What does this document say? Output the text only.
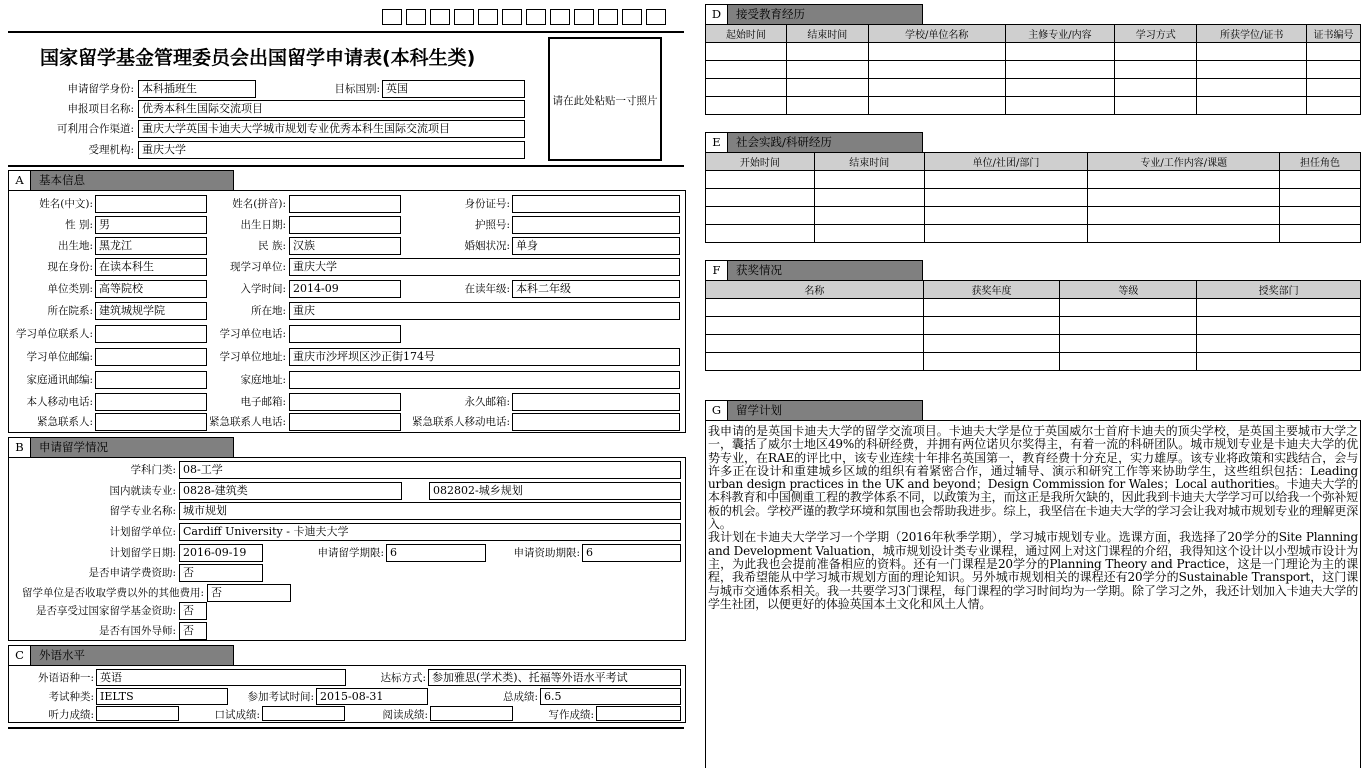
国家留学基金管理委员会出国留学申请表(本科生类)
请在此处粘贴一寸照片
申请留学身份: 本科插班生	目标国别: 英国
申报项目名称: 优秀本科生国际交流项目
可利用合作渠道: 重庆大学英国卡迪夫大学城市规划专业优秀本科生国际交流项目
受理机构: 重庆大学
A 基本信息
姓名(中文):	姓名(拼音):	身份证号:
性 别: 男	出生日期:	护照号:
出生地: 黑龙江	民 族: 汉族	婚姻状况: 单身
现在身份: 在读本科生	现学习单位: 重庆大学
单位类别: 高等院校	入学时间: 2014-09	在读年级: 本科二年级
所在院系: 建筑城规学院	所在地: 重庆
学习单位联系人:	学习单位电话:
学习单位邮编:	学习单位地址: 重庆市沙坪坝区沙正街174号
家庭通讯邮编:	家庭地址:
本人移动电话:	电子邮箱:	永久邮箱:
紧急联系人:	紧急联系人电话:	紧急联系人移动电话:
B 申请留学情况
学科门类: 08-工学
国内就读专业: 0828-建筑类	082802-城乡规划
留学专业名称: 城市规划
计划留学单位: Cardiff University - 卡迪夫大学
计划留学日期: 2016-09-19	申请留学期限: 6	申请资助期限: 6
是否申请学费资助: 否
留学单位是否收取学费以外的其他费用: 否
是否享受过国家留学基金资助: 否
是否有国外导师: 否
C 外语水平
外语语种一: 英语	达标方式: 参加雅思(学术类)、托福等外语水平考试
考试种类: IELTS	参加考试时间: 2015-08-31	总成绩: 6.5
听力成绩:	口试成绩:	阅读成绩:	写作成绩:
D 接受教育经历
起始时间	结束时间	学校/单位名称	主修专业/内容	学习方式	所获学位/证书	证书编号

E 社会实践/科研经历
开始时间	结束时间	单位/社团/部门	专业/工作内容/课题	担任角色

F 获奖情况
名称	获奖年度	等级	授奖部门

G 留学计划
我申请的是英国卡迪夫大学的留学交流项目。卡迪夫大学是位于英国威尔士首府卡迪夫的顶尖学校，是英国主要城市大学之一，囊括了威尔士地区49%的科研经费，并拥有两位诺贝尔奖得主，有着一流的科研团队。城市规划专业是卡迪夫大学的优势专业，在RAE的评比中，该专业连续十年排名英国第一，教育经费十分充足，实力雄厚。该专业将政策和实践结合，会与许多正在设计和重建城乡区域的组织有着紧密合作，通过辅导、演示和研究工作等来协助学生，这些组织包括：Leading urban design practices in the UK and beyond；Design Commission for Wales；Local authorities。卡迪夫大学的本科教育和中国侧重工程的教学体系不同，以政策为主，而这正是我所欠缺的，因此我到卡迪夫大学学习可以给我一个弥补短板的机会。学校严谨的教学环境和氛围也会帮助我进步。综上，我坚信在卡迪夫大学的学习会让我对城市规划专业的理解更深入。
我计划在卡迪夫大学学习一个学期（2016年秋季学期），学习城市规划专业。选课方面，我选择了20学分的Site Planning and Development Valuation，城市规划设计类专业课程，通过网上对这门课程的介绍，我得知这个设计以小型城市设计为主，为此我也会提前准备相应的资料。还有一门课程是20学分的Planning Theory and Practice，这是一门理论为主的课程，我希望能从中学习城市规划方面的理论知识。另外城市规划相关的课程还有20学分的Sustainable Transport，这门课与城市交通体系相关。我一共要学习3门课程，每门课程的学习时间均为一学期。除了学习之外，我还计划加入卡迪夫大学的学生社团，以便更好的体验英国本土文化和风土人情。
